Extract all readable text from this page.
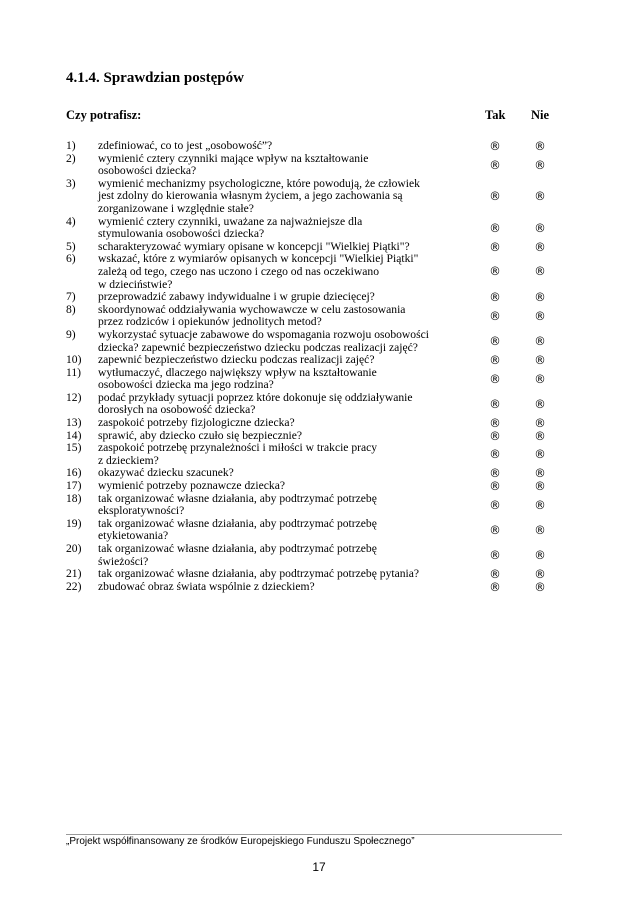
4.1.4. Sprawdzian postępów
Czy potrafisz:	Tak Nie
1) zdefiniować, co to jest „osobowość”?	®	®
2) wymienić cztery czynniki mające wpływ na kształtowanie
osobowości dziecka?	®	®
3) wymienić mechanizmy psychologiczne, które powodują, że człowiek
jest zdolny do kierowania własnym życiem, a jego zachowania są
zorganizowane i względnie stałe?
®	®
4) wymienić cztery czynniki, uważane za najważniejsze dla
stymulowania osobowości dziecka?	®	®
5) scharakteryzować wymiary opisane w koncepcji "Wielkiej Piątki"?	®	®
6) wskazać, które z wymiarów opisanych w koncepcji "Wielkiej Piątki"
zależą od tego, czego nas uczono i czego od nas oczekiwano
w dzieciństwie?
®	®
7) przeprowadzić zabawy indywidualne i w grupie dziecięcej?	®	®
8) skoordynować oddziaływania wychowawcze w celu zastosowania
przez rodziców i opiekunów jednolitych metod?	®	®
9) wykorzystać sytuacje zabawowe do wspomagania rozwoju osobowości
dziecka? zapewnić bezpieczeństwo dziecku podczas realizacji zajęć?	®	®
10) zapewnić bezpieczeństwo dziecku podczas realizacji zajęć?	®	®
11) wytłumaczyć, dlaczego największy wpływ na kształtowanie
osobowości dziecka ma jego rodzina?	®	®
12) podać przykłady sytuacji poprzez które dokonuje się oddziaływanie
dorosłych na osobowość dziecka?	®	®
13) zaspokoić potrzeby fizjologiczne dziecka?	®	®
14) sprawić, aby dziecko czuło się bezpiecznie?	®	®
15) zaspokoić potrzebę przynależności i miłości w trakcie pracy
z dzieckiem?	®	®
16) okazywać dziecku szacunek?	®	®
17) wymienić potrzeby poznawcze dziecka?	®	®
18) tak organizować własne działania, aby podtrzymać potrzebę
eksploratywności?	®	®
19) tak organizować własne działania, aby podtrzymać potrzebę
etykietowania?	®	®
20) tak organizować własne działania, aby podtrzymać potrzebę
świeżości?	®	®
21) tak organizować własne działania, aby podtrzymać potrzebę pytania?	®	®
22) zbudować obraz świata wspólnie z dzieckiem?	®	®
„Projekt współfinansowany ze środków Europejskiego Funduszu Społecznego”
17
